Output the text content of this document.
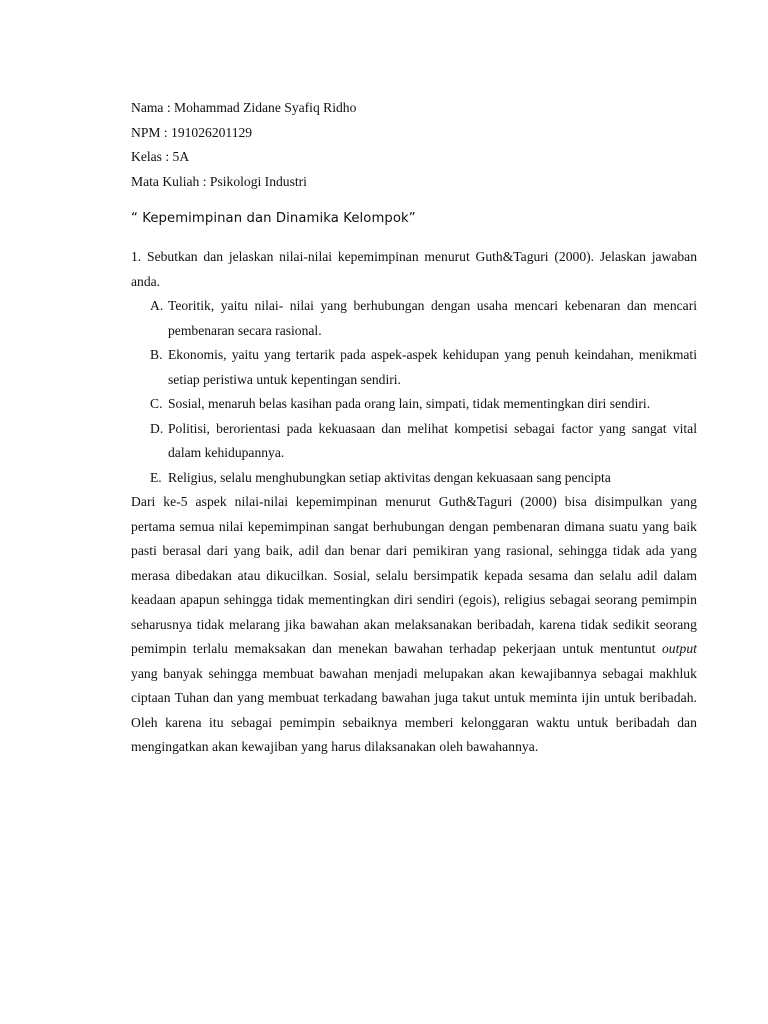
Nama : Mohammad Zidane Syafiq Ridho
NPM : 191026201129
Kelas : 5A
Mata Kuliah : Psikologi Industri
“ Kepemimpinan dan Dinamika Kelompok”
1. Sebutkan dan jelaskan nilai-nilai kepemimpinan menurut Guth&Taguri (2000). Jelaskan jawaban anda.
A. Teoritik, yaitu nilai- nilai yang berhubungan dengan usaha mencari kebenaran dan mencari pembenaran secara rasional.
B. Ekonomis, yaitu yang tertarik pada aspek-aspek kehidupan yang penuh keindahan, menikmati setiap peristiwa untuk kepentingan sendiri.
C. Sosial, menaruh belas kasihan pada orang lain, simpati, tidak mementingkan diri sendiri.
D. Politisi, berorientasi pada kekuasaan dan melihat kompetisi sebagai factor yang sangat vital dalam kehidupannya.
E. Religius, selalu menghubungkan setiap aktivitas dengan kekuasaan sang pencipta
Dari ke-5 aspek nilai-nilai kepemimpinan menurut Guth&Taguri (2000) bisa disimpulkan yang pertama semua nilai kepemimpinan sangat berhubungan dengan pembenaran dimana suatu yang baik pasti berasal dari yang baik, adil dan benar dari pemikiran yang rasional, sehingga tidak ada yang merasa dibedakan atau dikucilkan. Sosial, selalu bersimpatik kepada sesama dan selalu adil dalam keadaan apapun sehingga tidak mementingkan diri sendiri (egois), religius sebagai seorang pemimpin seharusnya tidak melarang jika bawahan akan melaksanakan beribadah, karena tidak sedikit seorang pemimpin terlalu memaksakan dan menekan bawahan terhadap pekerjaan untuk mentuntut output yang banyak sehingga membuat bawahan menjadi melupakan akan kewajibannya sebagai makhluk ciptaan Tuhan dan yang membuat terkadang bawahan juga takut untuk meminta ijin untuk beribadah. Oleh karena itu sebagai pemimpin sebaiknya memberi kelonggaran waktu untuk beribadah dan mengingatkan akan kewajiban yang harus dilaksanakan oleh bawahannya.
